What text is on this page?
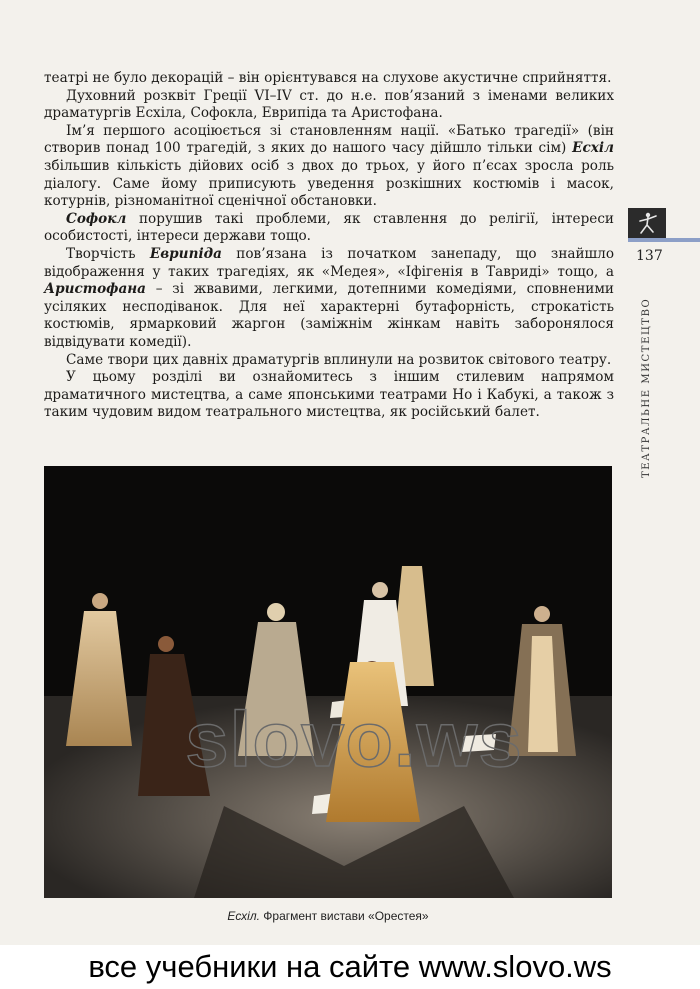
театрі не було декорацій – він орієнтувався на слухове акустичне сприйняття.

Духовний розквіт Греції VI–IV ст. до н.е. пов’язаний з іменами великих драматургів Есхіла, Софокла, Еврипіда та Аристофана.

Ім’я першого асоціюється зі становленням нації. «Батько трагедії» (він створив понад 100 трагедій, з яких до нашого часу дійшло тільки сім) Есхіл збільшив кількість дійових осіб з двох до трьох, у його п’єсах зросла роль діалогу. Саме йому приписують уведення розкішних костюмів і масок, котурнів, різноманітної сценічної обстановки.

Софокл порушив такі проблеми, як ставлення до релігії, інтереси особистості, інтереси держави тощо.

Творчість Еврипіда пов’язана із початком занепаду, що знайшло відображення у таких трагедіях, як «Медея», «Іфігенія в Тавриді» тощо, а Аристофана – зі жвавими, легкими, дотепними комедіями, сповненими усіляких несподіванок. Для неї характерні бутафорність, строкатість костюмів, ярмарковий жаргон (заміжнім жінкам навіть заборонялося відвідувати комедії).

Саме твори цих давніх драматургів вплинули на розвиток світового театру.

У цьому розділі ви ознайомитесь з іншим стилевим напрямом драматичного мистецтва, а саме японськими театрами Но і Кабукі, а також з таким чудовим видом театрального мистецтва, як російський балет.

137
ТЕАТРАЛЬНЕ МИСТЕЦТВО
slovo.ws
Есхіл. Фрагмент вистави «Орестея»
все учебники на сайте www.slovo.ws
